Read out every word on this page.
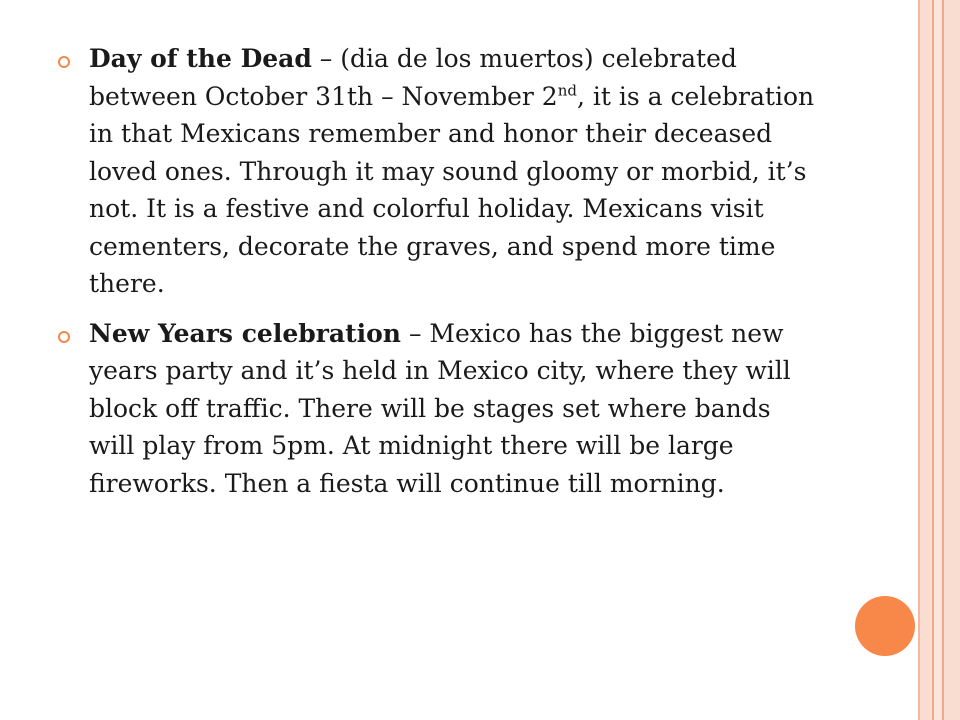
Day of the Dead – (dia de los muertos) celebrated between October 31th – November 2nd, it is a celebration in that Mexicans remember and honor their deceased loved ones. Through it may sound gloomy or morbid, it’s not. It is a festive and colorful holiday. Mexicans visit cementers, decorate the graves, and spend more time there.
New Years celebration – Mexico has the biggest new years party and it’s held in Mexico city, where they will block off traffic. There will be stages set where bands will play from 5pm. At midnight there will be large fireworks. Then a fiesta will continue till morning.
